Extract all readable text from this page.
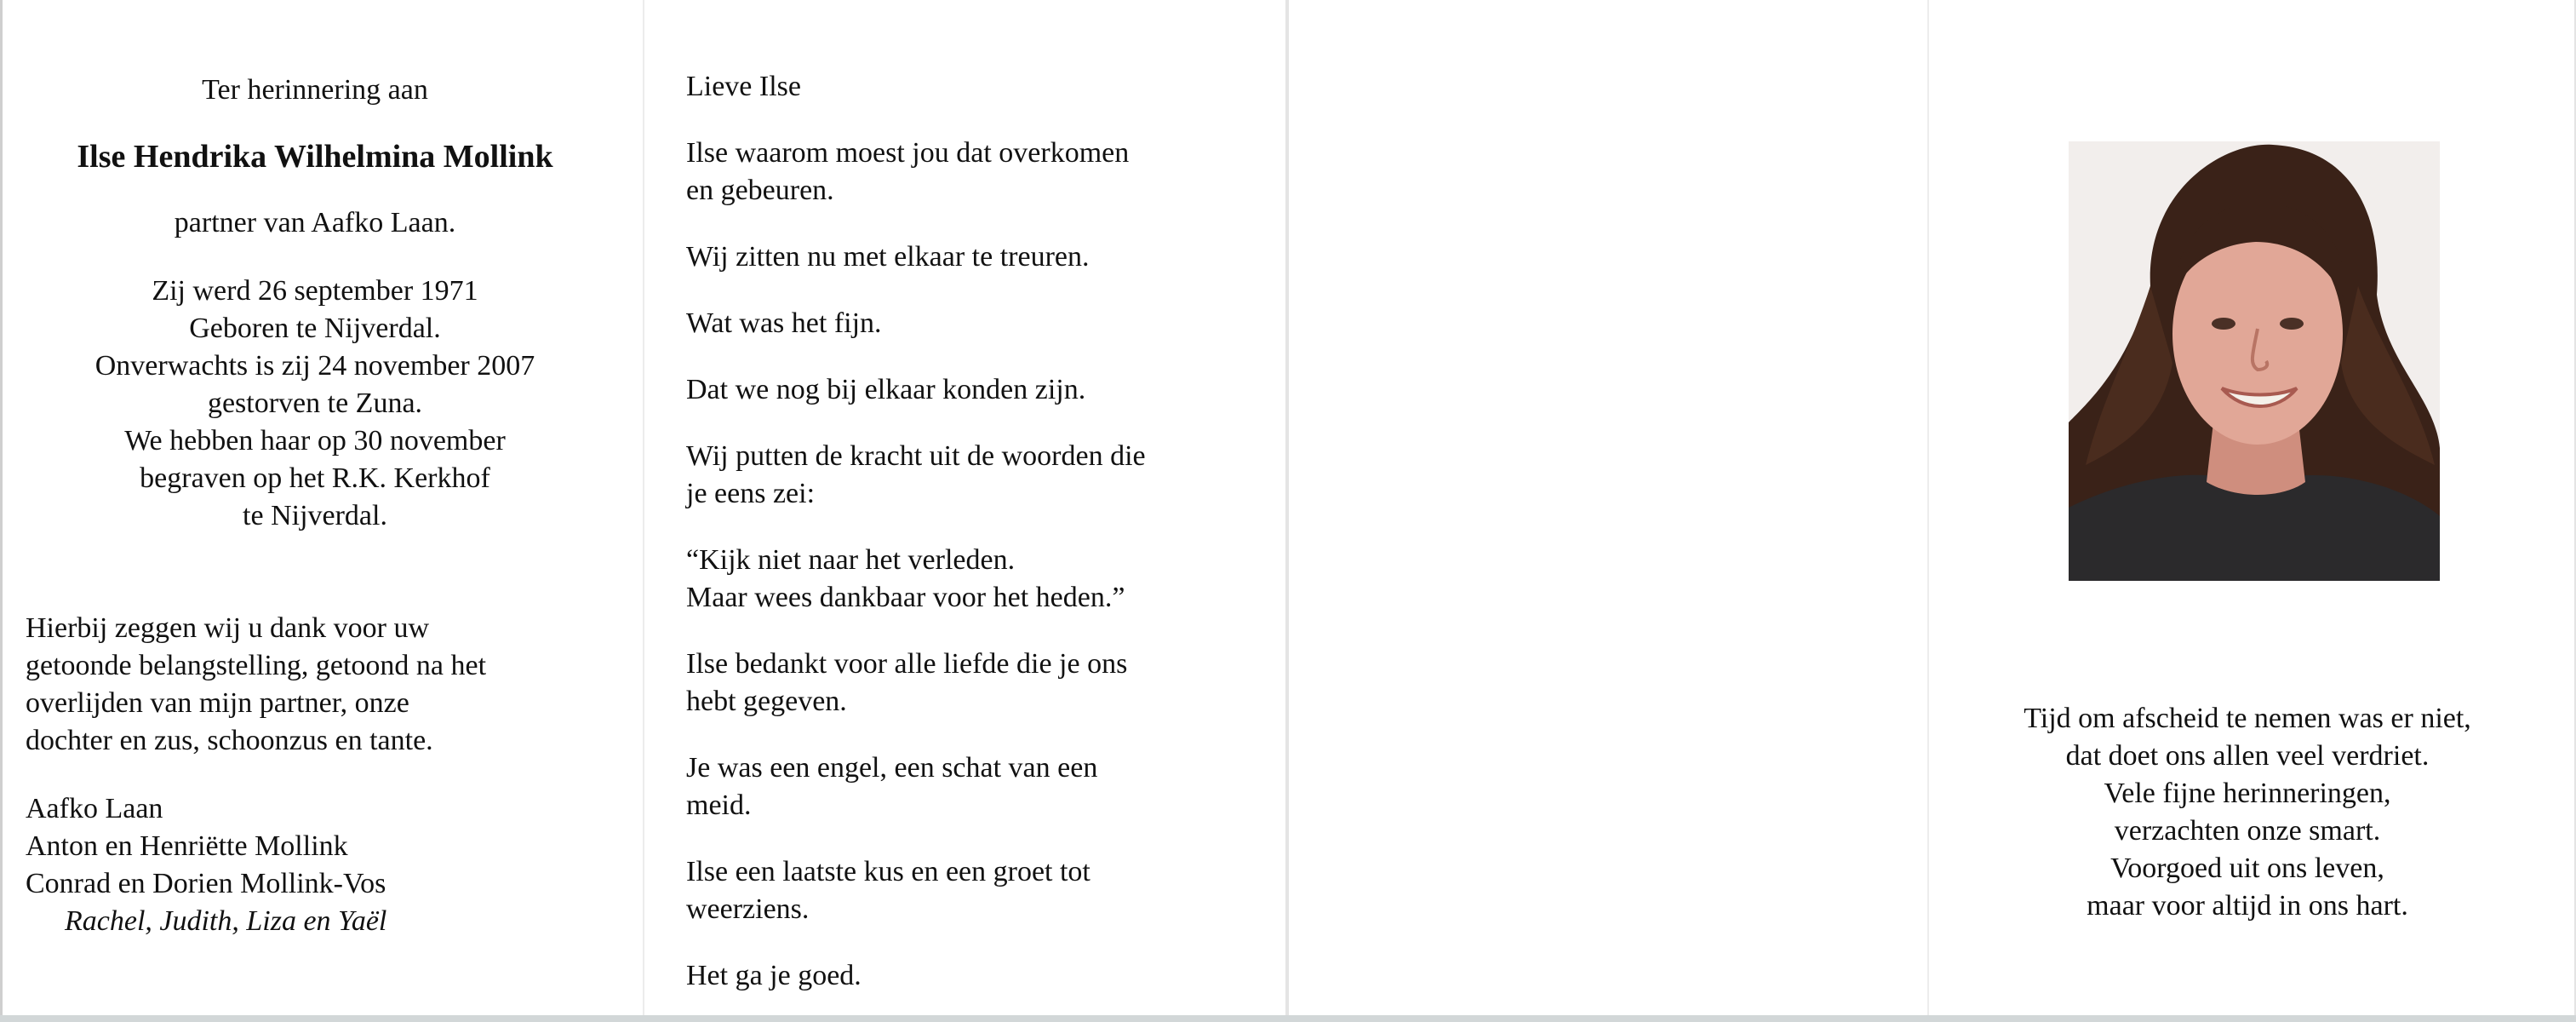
Ter herinnering aan
Ilse Hendrika Wilhelmina Mollink
partner van Aafko Laan.
Zij werd 26 september 1971
Geboren te Nijverdal.
Onverwachts is zij 24 november 2007
gestorven te Zuna.
We hebben haar op 30 november
begraven op het R.K. Kerkhof
te Nijverdal.
Hierbij zeggen wij u dank voor uw
getoonde belangstelling, getoond na het
overlijden van mijn partner, onze
dochter en zus, schoonzus en tante.
Aafko Laan
Anton en Henriëtte Mollink
Conrad en Dorien Mollink-Vos
Rachel, Judith, Liza en Yaël
Lieve Ilse
Ilse waarom moest jou dat overkomen
en gebeuren.
Wij zitten nu met elkaar te treuren.
Wat was het fijn.
Dat we nog bij elkaar konden zijn.
Wij putten de kracht uit de woorden die
je eens zei:
“Kijk niet naar het verleden.
Maar wees dankbaar voor het heden.”
Ilse bedankt voor alle liefde die je ons
hebt gegeven.
Je was een engel, een schat van een
meid.
Ilse een laatste kus en een groet tot
weerziens.
Het ga je goed.
Tijd om afscheid te nemen was er niet,
dat doet ons allen veel verdriet.
Vele fijne herinneringen,
verzachten onze smart.
Voorgoed uit ons leven,
maar voor altijd in ons hart.
